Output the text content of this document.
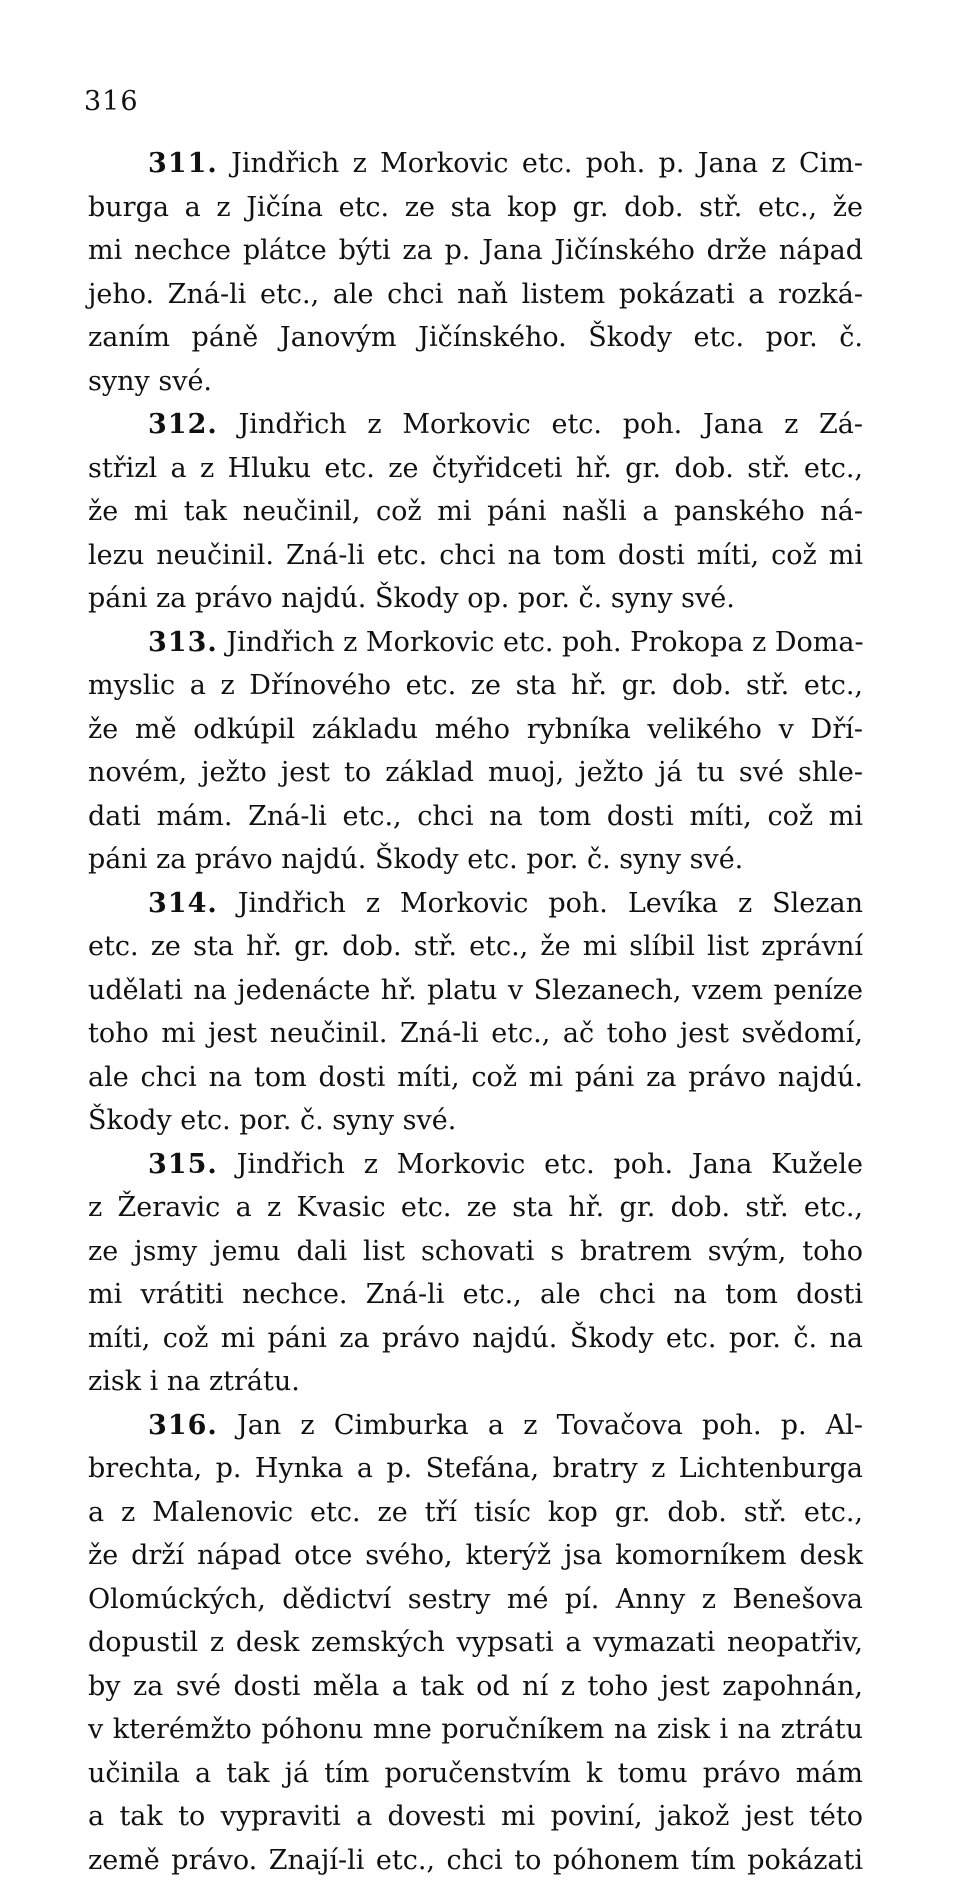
316
311. Jindřich z Morkovic etc. poh. p. Jana z Cim-
burga a z Jičína etc. ze sta kop gr. dob. stř. etc., že
mi nechce plátce býti za p. Jana Jičínského drže nápad
jeho. Zná-li etc., ale chci naň listem pokázati a rozká-
zaním páně Janovým Jičínského. Škody etc. por. č.
syny své.
312. Jindřich z Morkovic etc. poh. Jana z Zá-
střizl a z Hluku etc. ze čtyřidceti hř. gr. dob. stř. etc.,
že mi tak neučinil, což mi páni našli a panského ná-
lezu neučinil. Zná-li etc. chci na tom dosti míti, což mi
páni za právo najdú. Škody op. por. č. syny své.
313. Jindřich z Morkovic etc. poh. Prokopa z Doma-
myslic a z Dřínového etc. ze sta hř. gr. dob. stř. etc.,
že mě odkúpil základu mého rybníka velikého v Dří-
novém, ježto jest to základ muoj, ježto já tu své shle-
dati mám. Zná-li etc., chci na tom dosti míti, což mi
páni za právo najdú. Škody etc. por. č. syny své.
314. Jindřich z Morkovic poh. Levíka z Slezan
etc. ze sta hř. gr. dob. stř. etc., že mi slíbil list zprávní
udělati na jedenácte hř. platu v Slezanech, vzem peníze
toho mi jest neučinil. Zná-li etc., ač toho jest svědomí,
ale chci na tom dosti míti, což mi páni za právo najdú.
Škody etc. por. č. syny své.
315. Jindřich z Morkovic etc. poh. Jana Kužele
z Žeravic a z Kvasic etc. ze sta hř. gr. dob. stř. etc.,
ze jsmy jemu dali list schovati s bratrem svým, toho
mi vrátiti nechce. Zná-li etc., ale chci na tom dosti
míti, což mi páni za právo najdú. Škody etc. por. č. na
zisk i na ztrátu.
316. Jan z Cimburka a z Tovačova poh. p. Al-
brechta, p. Hynka a p. Stefána, bratry z Lichtenburga
a z Malenovic etc. ze tří tisíc kop gr. dob. stř. etc.,
že drží nápad otce svého, kterýž jsa komorníkem desk
Olomúckých, dědictví sestry mé pí. Anny z Benešova
dopustil z desk zemských vypsati a vymazati neopatřiv,
by za své dosti měla a tak od ní z toho jest zapohnán,
v kterémžto póhonu mne poručníkem na zisk i na ztrátu
učinila a tak já tím poručenstvím k tomu právo mám
a tak to vypraviti a dovesti mi poviní, jakož jest této
země právo. Znají-li etc., chci to póhonem tím pokázati
